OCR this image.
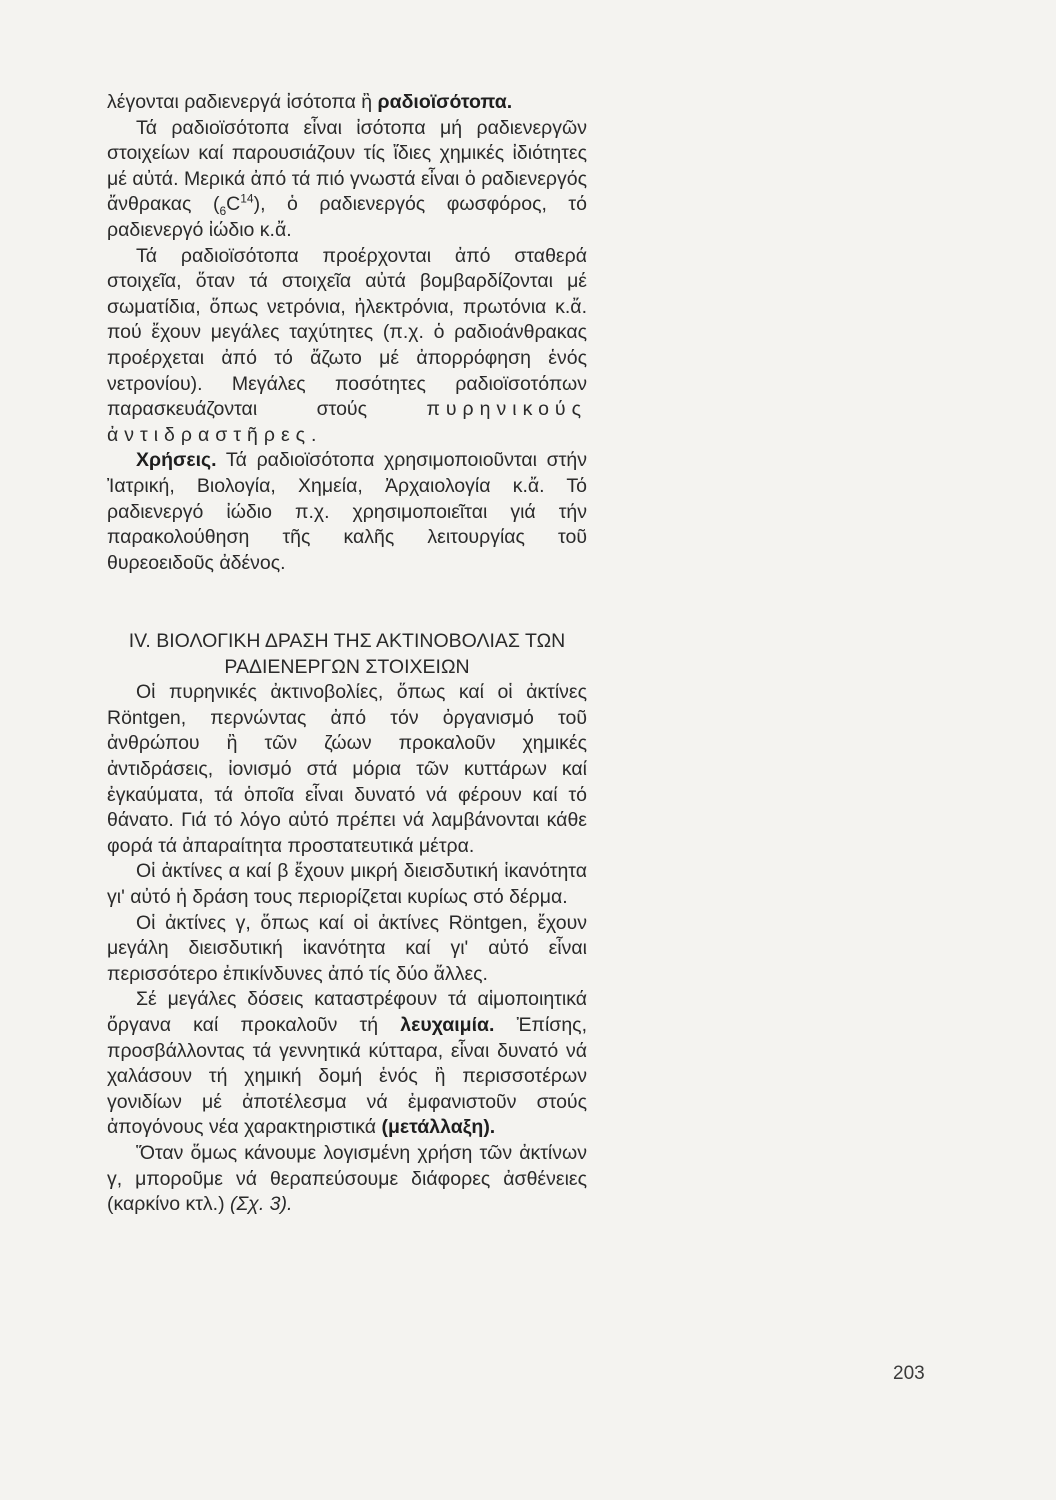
λέγονται ραδιενεργά ἰσότοπα ἢ ραδιοϊσότοπα.

Τά ραδιοϊσότοπα εἶναι ἰσότοπα μή ραδιενεργῶν στοιχείων καί παρουσιάζουν τίς ἴδιες χημικές ἰδιότητες μέ αὐτά. Μερικά ἀπό τά πιό γνωστά εἶναι ὁ ραδιενεργός ἄνθρακας $(_6C^{14})$, ὁ ραδιενεργός φωσφόρος, τό ραδιενεργό ἰώδιο κ.ἄ.

Τά ραδιοϊσότοπα προέρχονται ἀπό σταθερά στοιχεῖα, ὅταν τά στοιχεῖα αὐτά βομβαρδίζονται μέ σωματίδια, ὅπως νετρόνια, ἠλεκτρόνια, πρωτόνια κ.ἄ. πού ἔχουν μεγάλες ταχύτητες (π.χ. ὁ ραδιοάνθρακας προέρχεται ἀπό τό ἄζωτο μέ ἀπορρόφηση ἑνός νετρονίου). Μεγάλες ποσότητες ραδιοϊσοτόπων παρασκευάζονται στούς	πυρηνικούς ἀντιδραστῆρες.

Χρήσεις. Τά ραδιοϊσότοπα χρησιμοποιοῦνται στήν Ἰατρική, Βιολογία, Χημεία, Ἀρχαιολογία κ.ἄ. Τό ραδιενεργό ἰώδιο π.χ. χρησιμοποιεῖται γιά τήν παρακολούθηση τῆς καλῆς λειτουργίας τοῦ θυρεοειδοῦς ἀδένος.

IV. ΒΙΟΛΟΓΙΚΗ ΔΡΑΣΗ ΤΗΣ ΑΚΤΙΝΟΒΟΛΙΑΣ ΤΩΝ
ΡΑΔΙΕΝΕΡΓΩΝ ΣΤΟΙΧΕΙΩΝ

Οἱ πυρηνικές ἀκτινοβολίες, ὅπως καί οἱ ἀκτίνες Röntgen, περνώντας ἀπό τόν ὀργανισμό τοῦ ἀνθρώπου ἢ τῶν ζώων προκαλοῦν χημικές ἀντιδράσεις, ἰονισμό στά μόρια τῶν κυττάρων καί ἐγκαύματα, τά ὁποῖα εἶναι δυνατό νά φέρουν καί τό θάνατο. Γιά τό λόγο αὐτό πρέπει νά λαμβάνονται κάθε φορά τά ἀπαραίτητα προστατευτικά μέτρα.

Οἱ ἀκτίνες α καί β ἔχουν μικρή διεισδυτική ἱκανότητα γι' αὐτό ἡ δράση τους περιορίζεται κυρίως στό δέρμα.

Οἱ ἀκτίνες γ, ὅπως καί οἱ ἀκτίνες Röntgen, ἔχουν μεγάλη διεισδυτική ἱκανότητα καί γι' αὐτό εἶναι περισσότερο ἐπικίνδυνες ἀπό τίς δύο ἄλλες.

Σέ μεγάλες δόσεις καταστρέφουν τά αἱμοποιητικά ὄργανα καί προκαλοῦν τή λευχαιμία. Ἐπίσης, προσβάλλοντας τά γεννητικά κύτταρα, εἶναι δυνατό νά χαλάσουν τή χημική δομή ἑνός ἢ περισσοτέρων γονιδίων μέ ἀποτέλεσμα νά ἐμφανιστοῦν στούς ἀπογόνους νέα χαρακτηριστικά (μετάλλαξη).

Ὅταν ὅμως κάνουμε λογισμένη χρήση τῶν ἀκτίνων γ, μποροῦμε νά θεραπεύσουμε διάφορες ἀσθένειες (καρκίνο κτλ.) (Σχ. 3).

203
